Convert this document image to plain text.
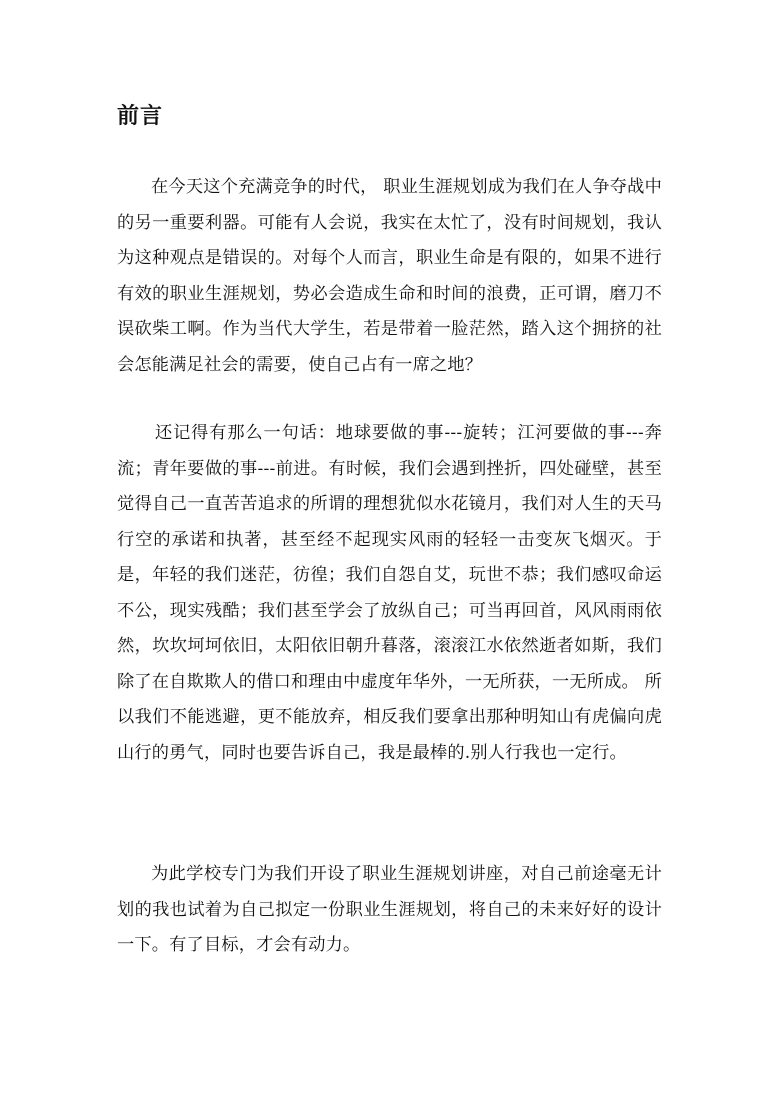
前言

在今天这个充满竞争的时代， 职业生涯规划成为我们在人争夺战中的另一重要利器。可能有人会说，我实在太忙了，没有时间规划，我认为这种观点是错误的。对每个人而言，职业生命是有限的，如果不进行有效的职业生涯规划，势必会造成生命和时间的浪费，正可谓，磨刀不误砍柴工啊。作为当代大学生，若是带着一脸茫然，踏入这个拥挤的社会怎能满足社会的需要，使自己占有一席之地？

还记得有那么一句话：地球要做的事---旋转；江河要做的事---奔流；青年要做的事---前进。有时候，我们会遇到挫折，四处碰壁，甚至觉得自己一直苦苦追求的所谓的理想犹似水花镜月，我们对人生的天马行空的承诺和执著，甚至经不起现实风雨的轻轻一击变灰飞烟灭。于是，年轻的我们迷茫，彷徨；我们自怨自艾，玩世不恭；我们感叹命运不公，现实残酷；我们甚至学会了放纵自己；可当再回首，风风雨雨依然，坎坎坷坷依旧，太阳依旧朝升暮落，滚滚江水依然逝者如斯，我们除了在自欺欺人的借口和理由中虚度年华外，一无所获，一无所成。 所以我们不能逃避，更不能放弃，相反我们要拿出那种明知山有虎偏向虎山行的勇气，同时也要告诉自己，我是最棒的.别人行我也一定行。

为此学校专门为我们开设了职业生涯规划讲座，对自己前途毫无计划的我也试着为自己拟定一份职业生涯规划，将自己的未来好好的设计一下。有了目标，才会有动力。
